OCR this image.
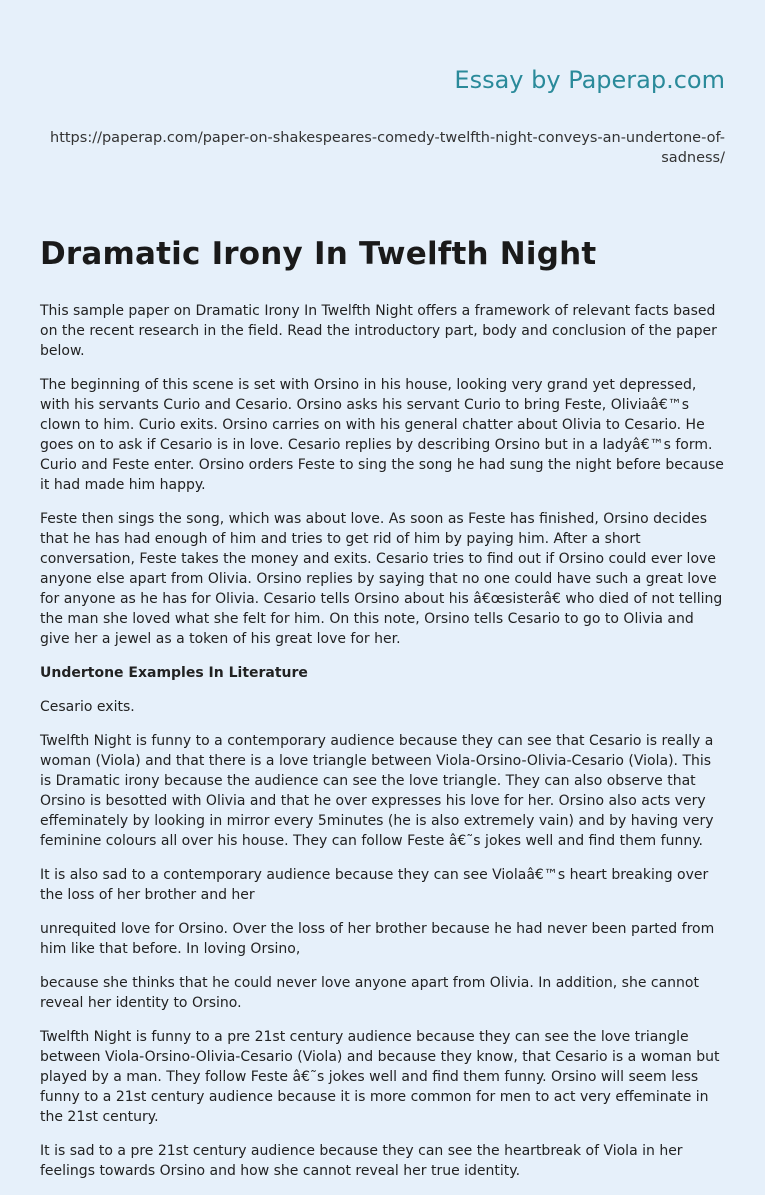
Essay by Paperap.com
https://paperap.com/paper-on-shakespeares-comedy-twelfth-night-conveys-an-undertone-of-sadness/
Dramatic Irony In Twelfth Night

This sample paper on Dramatic Irony In Twelfth Night offers a framework of relevant facts based on the recent research in the field. Read the introductory part, body and conclusion of the paper below.

The beginning of this scene is set with Orsino in his house, looking very grand yet depressed, with his servants Curio and Cesario. Orsino asks his servant Curio to bring Feste, Oliviaâ€™s clown to him. Curio exits. Orsino carries on with his general chatter about Olivia to Cesario. He goes on to ask if Cesario is in love. Cesario replies by describing Orsino but in a ladyâ€™s form. Curio and Feste enter. Orsino orders Feste to sing the song he had sung the night before because it had made him happy.

Feste then sings the song, which was about love. As soon as Feste has finished, Orsino decides that he has had enough of him and tries to get rid of him by paying him. After a short conversation, Feste takes the money and exits. Cesario tries to find out if Orsino could ever love anyone else apart from Olivia. Orsino replies by saying that no one could have such a great love for anyone as he has for Olivia. Cesario tells Orsino about his â€œsisterâ€ who died of not telling the man she loved what she felt for him. On this note, Orsino tells Cesario to go to Olivia and give her a jewel as a token of his great love for her.

Undertone Examples In Literature

Cesario exits.

Twelfth Night is funny to a contemporary audience because they can see that Cesario is really a woman (Viola) and that there is a love triangle between Viola-Orsino-Olivia-Cesario (Viola). This is Dramatic irony because the audience can see the love triangle. They can also observe that Orsino is besotted with Olivia and that he over expresses his love for her. Orsino also acts very effeminately by looking in mirror every 5minutes (he is also extremely vain) and by having very feminine colours all over his house. They can follow Feste â€˜s jokes well and find them funny.

It is also sad to a contemporary audience because they can see Violaâ€™s heart breaking over the loss of her brother and her

unrequited love for Orsino. Over the loss of her brother because he had never been parted from him like that before. In loving Orsino,

because she thinks that he could never love anyone apart from Olivia. In addition, she cannot reveal her identity to Orsino.

Twelfth Night is funny to a pre 21st century audience because they can see the love triangle between Viola-Orsino-Olivia-Cesario (Viola) and because they know, that Cesario is a woman but played by a man. They follow Feste â€˜s jokes well and find them funny. Orsino will seem less funny to a 21st century audience because it is more common for men to act very effeminate in the 21st century.

It is sad to a pre 21st century audience because they can see the heartbreak of Viola in her feelings towards Orsino and how she cannot reveal her true identity.
